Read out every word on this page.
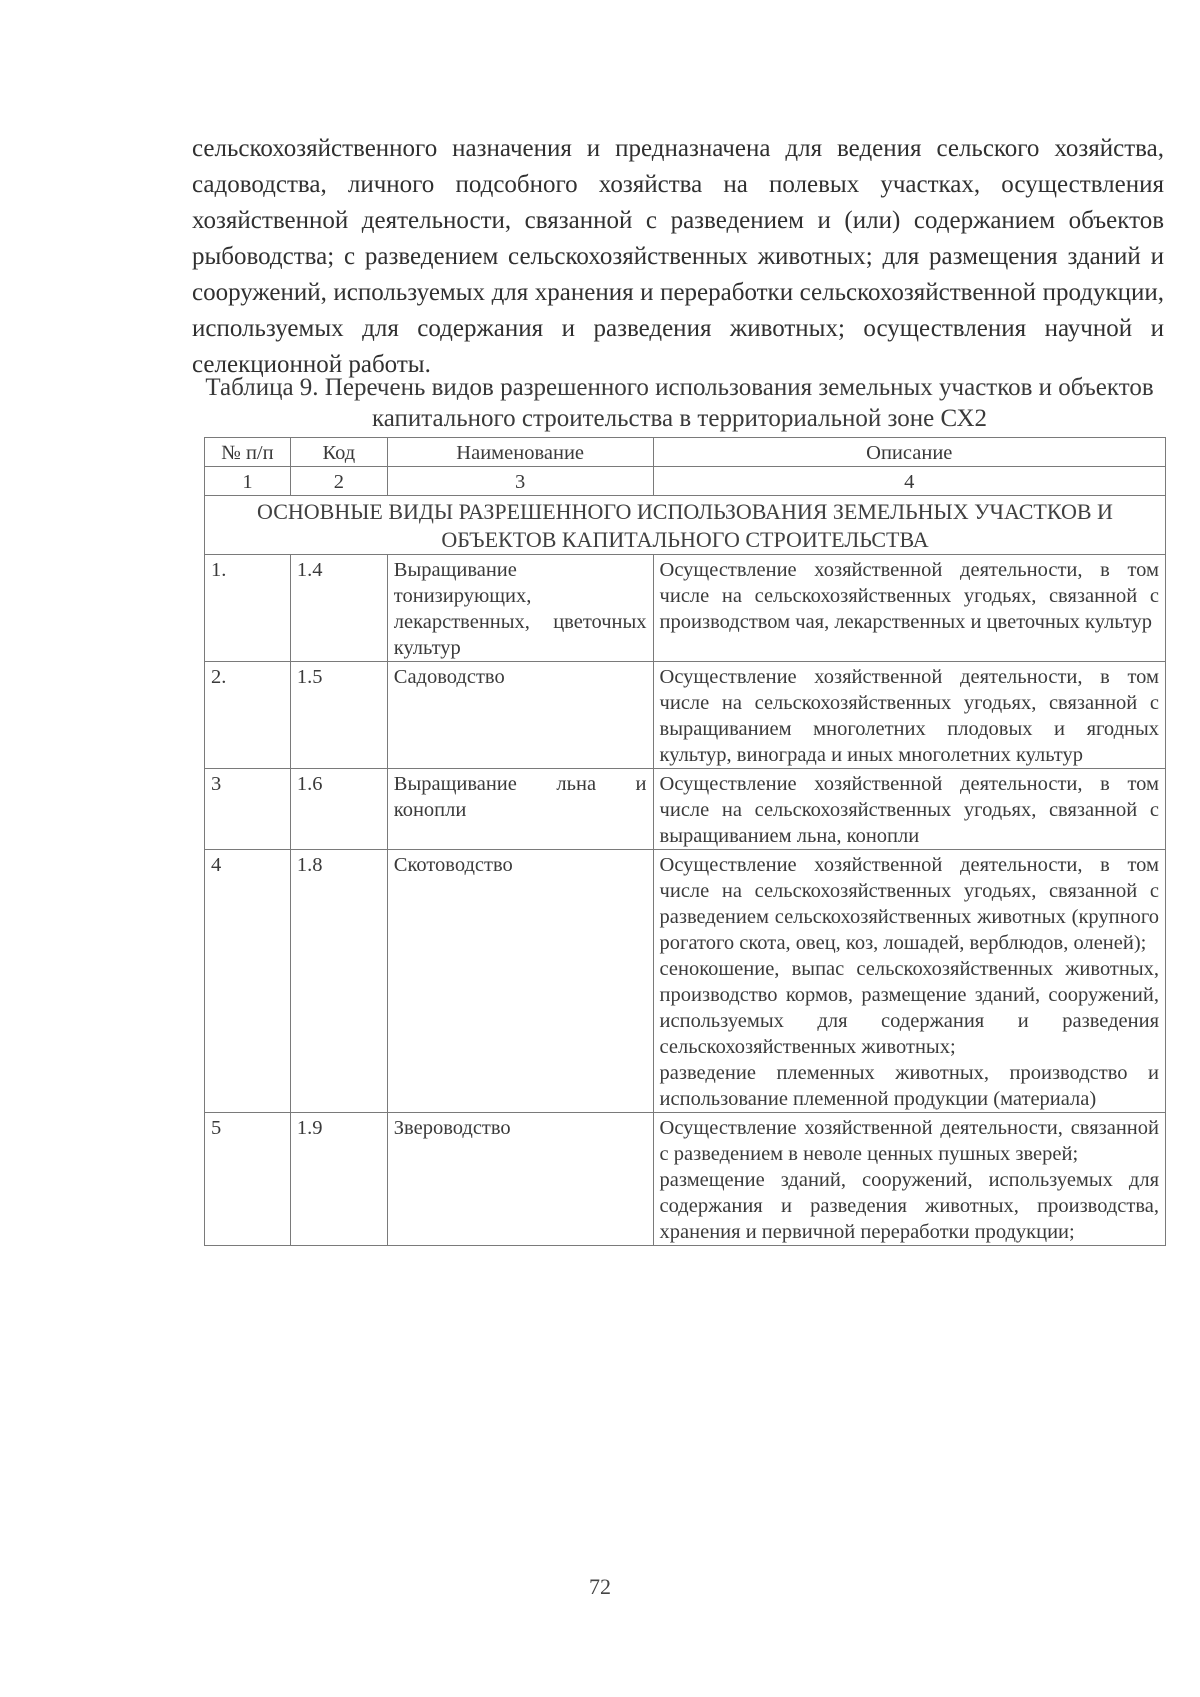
сельскохозяйственного назначения и предназначена для ведения сельского хозяйства, садоводства, личного подсобного хозяйства на полевых участках, осуществления хозяйственной деятельности, связанной с разведением и (или) содержанием объектов рыбоводства; с разведением сельскохозяйственных животных; для размещения зданий и сооружений, используемых для хранения и переработки сельскохозяйственной продукции, используемых для содержания и разведения животных; осуществления научной и селекционной работы.

Таблица 9. Перечень видов разрешенного использования земельных участков и объектов капитального строительства в территориальной зоне СХ2
№ п/п	Код	Наименование	Описание
1	2	3	4
ОСНОВНЫЕ ВИДЫ РАЗРЕШЕННОГО ИСПОЛЬЗОВАНИЯ ЗЕМЕЛЬНЫХ УЧАСТКОВ И ОБЪЕКТОВ КАПИТАЛЬНОГО СТРОИТЕЛЬСТВА			
1.	1.4	Выращивание тонизирующих, лекарственных, цветочных культур	Осуществление хозяйственной деятельности, в том числе на сельскохозяйственных угодьях, связанной с производством чая, лекарственных и цветочных культур

2.	1.5	Садоводство	Осуществление хозяйственной деятельности, в том числе на сельскохозяйственных угодьях, связанной с выращиванием многолетних плодовых и ягодных культур, винограда и иных многолетних культур

3	1.6	Выращивание льна и конопли	Осуществление хозяйственной деятельности, в том числе на сельскохозяйственных угодьях, связанной с выращиванием льна, конопли

4	1.8	Скотоводство	Осуществление хозяйственной деятельности, в том числе на сельскохозяйственных угодьях, связанной с разведением сельскохозяйственных животных (крупного рогатого скота, овец, коз, лошадей, верблюдов, оленей);
сенокошение, выпас сельскохозяйственных животных, производство кормов, размещение зданий, сооружений, используемых для содержания и разведения сельскохозяйственных животных;
разведение племенных животных, производство и использование племенной продукции (материала)

5	1.9	Звероводство	Осуществление хозяйственной деятельности, связанной с разведением в неволе ценных пушных зверей;
размещение зданий, сооружений, используемых для содержания и разведения животных, производства, хранения и первичной переработки продукции;
72
